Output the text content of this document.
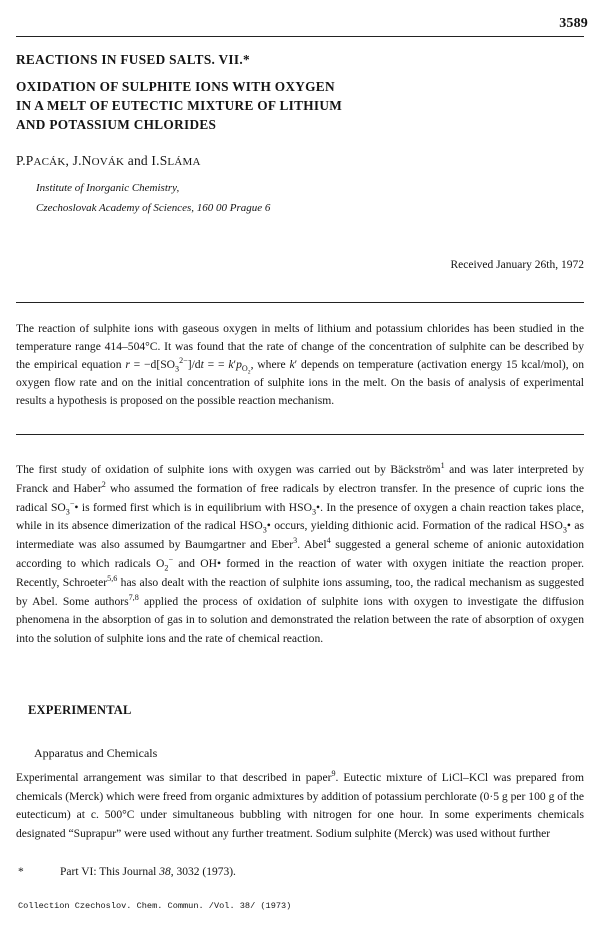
3589
REACTIONS IN FUSED SALTS. VII.*
OXIDATION OF SULPHITE IONS WITH OXYGEN
IN A MELT OF EUTECTIC MIXTURE OF LITHIUM
AND POTASSIUM CHLORIDES
P.PACÁK, J.NOVÁK and I.SLÁMA
Institute of Inorganic Chemistry,
Czechoslovak Academy of Sciences, 160 00 Prague 6
Received January 26th, 1972

The reaction of sulphite ions with gaseous oxygen in melts of lithium and potassium chlorides has been studied in the temperature range 414–504°C. It was found that the rate of change of the concentration of sulphite can be described by the empirical equation $r = -d[SO_3^{2-}]/dt$ = = $k'p_{O_2}$, where k′ depends on temperature (activation energy 15 kcal/mol), on oxygen flow rate and on the initial concentration of sulphite ions in the melt. On the basis of analysis of experimental results a hypothesis is proposed on the possible reaction mechanism.

The first study of oxidation of sulphite ions with oxygen was carried out by Bäckström$^1$ and was later interpreted by Franck and Haber$^2$ who assumed the formation of free radicals by electron transfer. In the presence of cupric ions the radical $SO_3^-•$ is formed first which is in equilibrium with $HSO_3•$. In the presence of oxygen a chain reaction takes place, while in its absence dimerization of the radical $HSO_3•$ occurs, yielding dithionic acid. Formation of the radical $HSO_3•$ as intermediate was also assumed by Baumgartner and Eber$^3$. Abel$^4$ suggested a general scheme of anionic autoxidation according to which radicals $O_2^-$ and OH• formed in the reaction of water with oxygen initiate the reaction proper. Recently, Schroeter$^{5,6}$ has also dealt with the reaction of sulphite ions assuming, too, the radical mechanism as suggested by Abel. Some authors$^{7,8}$ applied the process of oxidation of sulphite ions with oxygen to investigate the diffusion phenomena in the absorption of gas in to solution and demonstrated the relation between the rate of absorption of oxygen into the solution of sulphite ions and the rate of chemical reaction.

EXPERIMENTAL
Apparatus and Chemicals

Experimental arrangement was similar to that described in paper$^9$. Eutectic mixture of LiCl–KCl was prepared from chemicals (Merck) which were freed from organic admixtures by addition of potassium perchlorate (0·5 g per 100 g of the eutecticum) at c. 500°C under simultaneous bubbling with nitrogen for one hour. In some experiments chemicals designated “Suprapur” were used without any further treatment. Sodium sulphite (Merck) was used without further

*	Part VI: This Journal 38, 3032 (1973).
Collection Czechoslov. Chem. Commun. /Vol. 38/ (1973)
